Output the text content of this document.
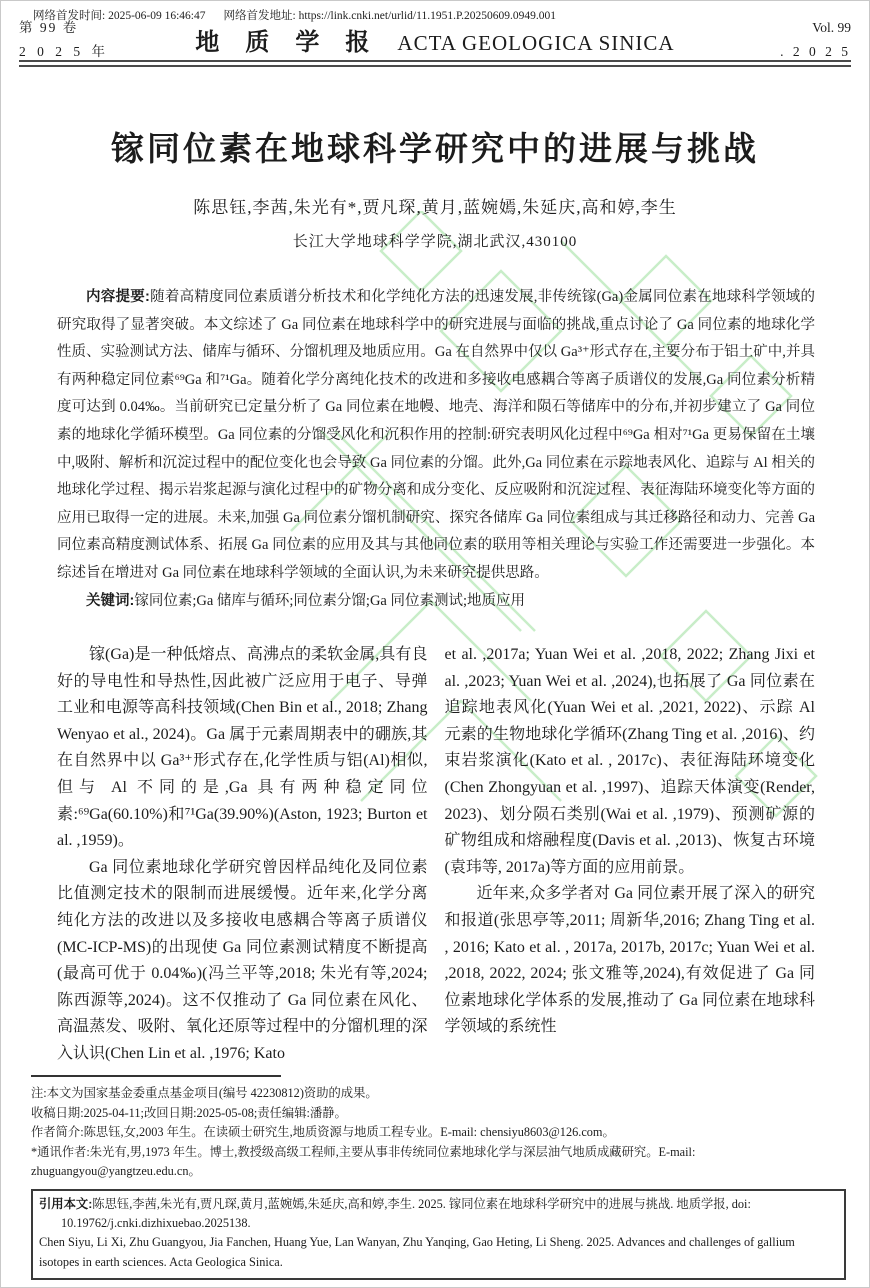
网络首发时间: 2025-06-09 16:46:47 网络首发地址: https://link.cnki.net/urlid/11.1951.P.20250609.0949.001
第 99 卷
2 0 2 5 年	地 质 学 报 ACTA GEOLOGICA SINICA
Vol. 99
. 2 0 2 5
镓同位素在地球科学研究中的进展与挑战
陈思钰,李茜,朱光有*,贾凡琛,黄月,蓝婉嫣,朱延庆,高和婷,李生
长江大学地球科学学院,湖北武汉,430100

内容提要:随着高精度同位素质谱分析技术和化学纯化方法的迅速发展,非传统镓(Ga)金属同位素在地球科学领域的研究取得了显著突破。本文综述了 Ga 同位素在地球科学中的研究进展与面临的挑战,重点讨论了 Ga 同位素的地球化学性质、实验测试方法、储库与循环、分馏机理及地质应用。Ga 在自然界中仅以 Ga³⁺形式存在,主要分布于铝土矿中,并具有两种稳定同位素⁶⁹Ga 和⁷¹Ga。随着化学分离纯化技术的改进和多接收电感耦合等离子质谱仪的发展,Ga 同位素分析精度可达到 0.04‰。当前研究已定量分析了 Ga 同位素在地幔、地壳、海洋和陨石等储库中的分布,并初步建立了 Ga 同位素的地球化学循环模型。Ga 同位素的分馏受风化和沉积作用的控制:研究表明风化过程中⁶⁹Ga 相对⁷¹Ga 更易保留在土壤中,吸附、解析和沉淀过程中的配位变化也会导致 Ga 同位素的分馏。此外,Ga 同位素在示踪地表风化、追踪与 Al 相关的地球化学过程、揭示岩浆起源与演化过程中的矿物分离和成分变化、反应吸附和沉淀过程、表征海陆环境变化等方面的应用已取得一定的进展。未来,加强 Ga 同位素分馏机制研究、探究各储库 Ga 同位素组成与其迁移路径和动力、完善 Ga 同位素高精度测试体系、拓展 Ga 同位素的应用及其与其他同位素的联用等相关理论与实验工作还需要进一步强化。本综述旨在增进对 Ga 同位素在地球科学领域的全面认识,为未来研究提供思路。

关键词:镓同位素;Ga 储库与循环;同位素分馏;Ga 同位素测试;地质应用

镓(Ga)是一种低熔点、高沸点的柔软金属,具有良好的导电性和导热性,因此被广泛应用于电子、导弹工业和电源等高科技领域(Chen Bin et al., 2018; Zhang Wenyao et al., 2024)。Ga 属于元素周期表中的硼族,其在自然界中以 Ga³⁺形式存在,化学性质与铝(Al)相似,但与 Al 不同的是,Ga 具有两种稳定同位素:⁶⁹Ga(60.10%)和⁷¹Ga(39.90%)(Aston, 1923; Burton et al. ,1959)。

Ga 同位素地球化学研究曾因样品纯化及同位素比值测定技术的限制而进展缓慢。近年来,化学分离纯化方法的改进以及多接收电感耦合等离子质谱仪(MC-ICP-MS)的出现使 Ga 同位素测试精度不断提高(最高可优于 0.04‰)(冯兰平等,2018; 朱光有等,2024; 陈西源等,2024)。这不仅推动了 Ga 同位素在风化、高温蒸发、吸附、氧化还原等过程中的分馏机理的深入认识(Chen Lin et al. ,1976; Kato

et al. ,2017a; Yuan Wei et al. ,2018, 2022; Zhang Jixi et al. ,2023; Yuan Wei et al. ,2024),也拓展了 Ga 同位素在追踪地表风化(Yuan Wei et al. ,2021, 2022)、示踪 Al 元素的生物地球化学循环(Zhang Ting et al. ,2016)、约束岩浆演化(Kato et al. , 2017c)、表征海陆环境变化(Chen Zhongyuan et al. ,1997)、追踪天体演变(Render, 2023)、划分陨石类别(Wai et al. ,1979)、预测矿源的矿物组成和熔融程度(Davis et al. ,2013)、恢复古环境(袁玮等, 2017a)等方面的应用前景。

近年来,众多学者对 Ga 同位素开展了深入的研究和报道(张思亭等,2011; 周新华,2016; Zhang Ting et al. , 2016; Kato et al. , 2017a, 2017b, 2017c; Yuan Wei et al. ,2018, 2022, 2024; 张文雅等,2024),有效促进了 Ga 同位素地球化学体系的发展,推动了 Ga 同位素在地球科学领域的系统性

注:本文为国家基金委重点基金项目(编号 42230812)资助的成果。

收稿日期:2025-04-11;改回日期:2025-05-08;责任编辑:潘静。

作者简介:陈思钰,女,2003 年生。在读硕士研究生,地质资源与地质工程专业。E-mail: chensiyu8603@126.com。

*通讯作者:朱光有,男,1973 年生。博士,教授级高级工程师,主要从事非传统同位素地球化学与深层油气地质成藏研究。E-mail: zhuguangyou@yangtzeu.edu.cn。

引用本文:陈思钰,李茜,朱光有,贾凡琛,黄月,蓝婉嫣,朱延庆,高和婷,李生. 2025. 镓同位素在地球科学研究中的进展与挑战. 地质学报, doi: 10.19762/j.cnki.dizhixuebao.2025138.

Chen Siyu, Li Xi, Zhu Guangyou, Jia Fanchen, Huang Yue, Lan Wanyan, Zhu Yanqing, Gao Heting, Li Sheng. 2025. Advances and challenges of gallium isotopes in earth sciences. Acta Geologica Sinica.
